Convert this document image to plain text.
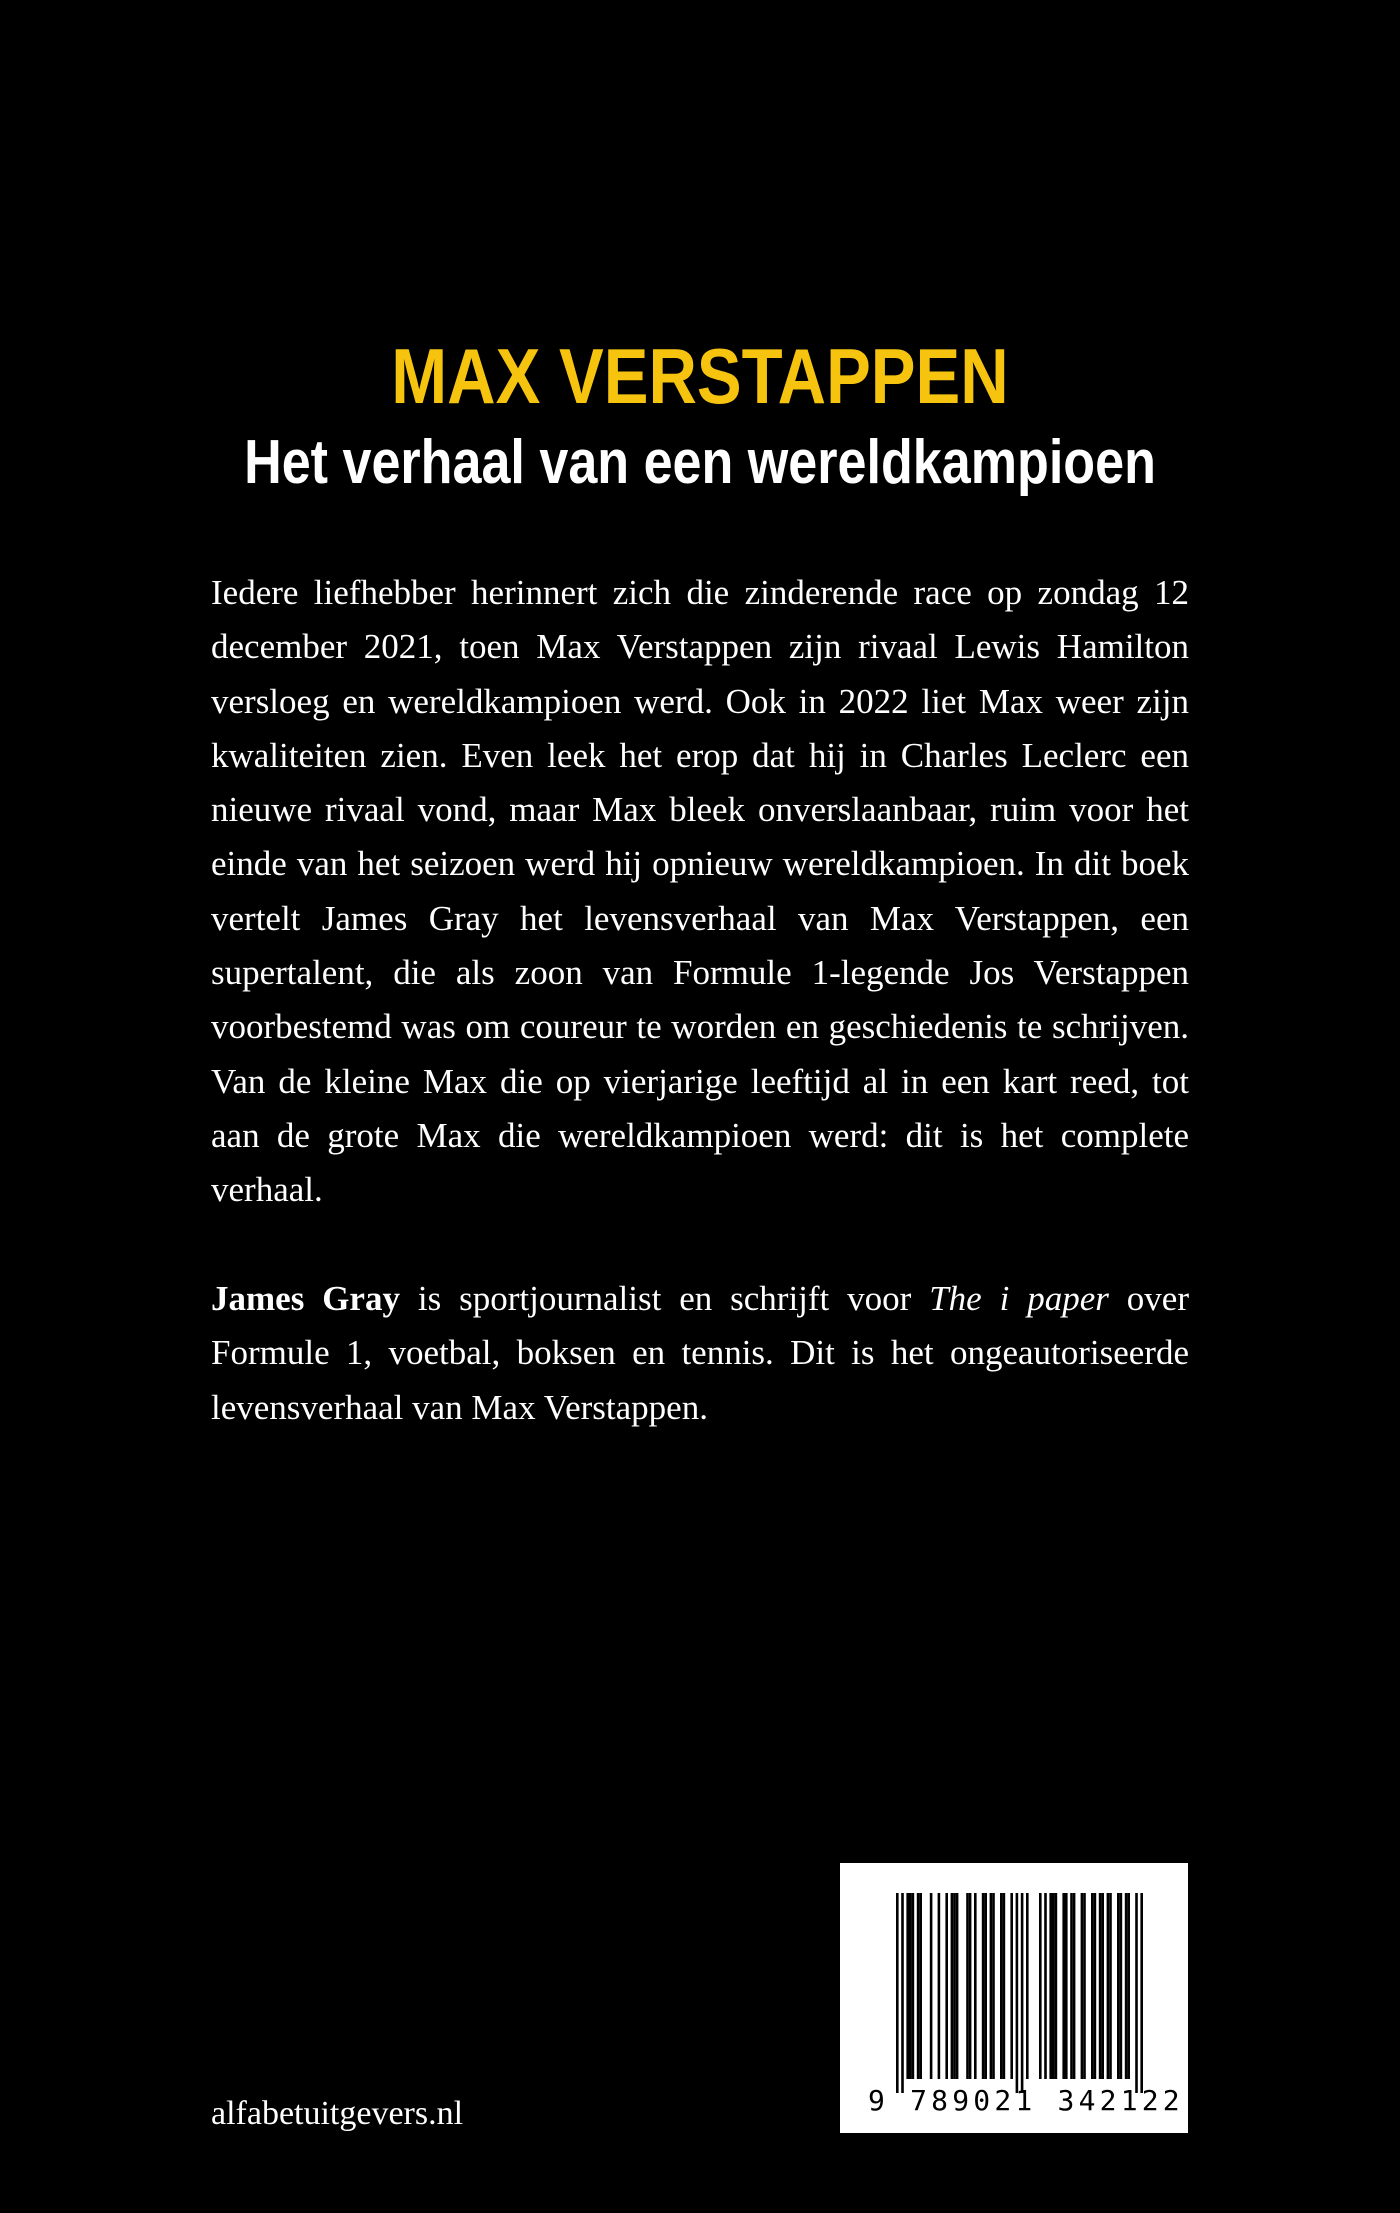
MAX VERSTAPPEN
Het verhaal van een wereldkampioen

Iedere liefhebber herinnert zich die zinderende race op zondag 12 december 2021, toen Max Verstappen zijn rivaal Lewis Hamilton versloeg en wereldkampioen werd. Ook in 2022 liet Max weer zijn kwaliteiten zien. Even leek het erop dat hij in Charles Leclerc een nieuwe rivaal vond, maar Max bleek onverslaanbaar, ruim voor het einde van het seizoen werd hij opnieuw wereldkampioen. In dit boek vertelt James Gray het levensverhaal van Max Verstappen, een supertalent, die als zoon van Formule 1-legende Jos Verstappen voorbestemd was om coureur te worden en geschiedenis te schrijven. Van de kleine Max die op vierjarige leeftijd al in een kart reed, tot aan de grote Max die wereldkampioen werd: dit is het complete verhaal.

James Gray is sportjournalist en schrijft voor The i paper over Formule 1, voetbal, boksen en tennis. Dit is het ongeautoriseerde levensverhaal van Max Verstappen.

alfabetuitgevers.nl	9 789021 342122
